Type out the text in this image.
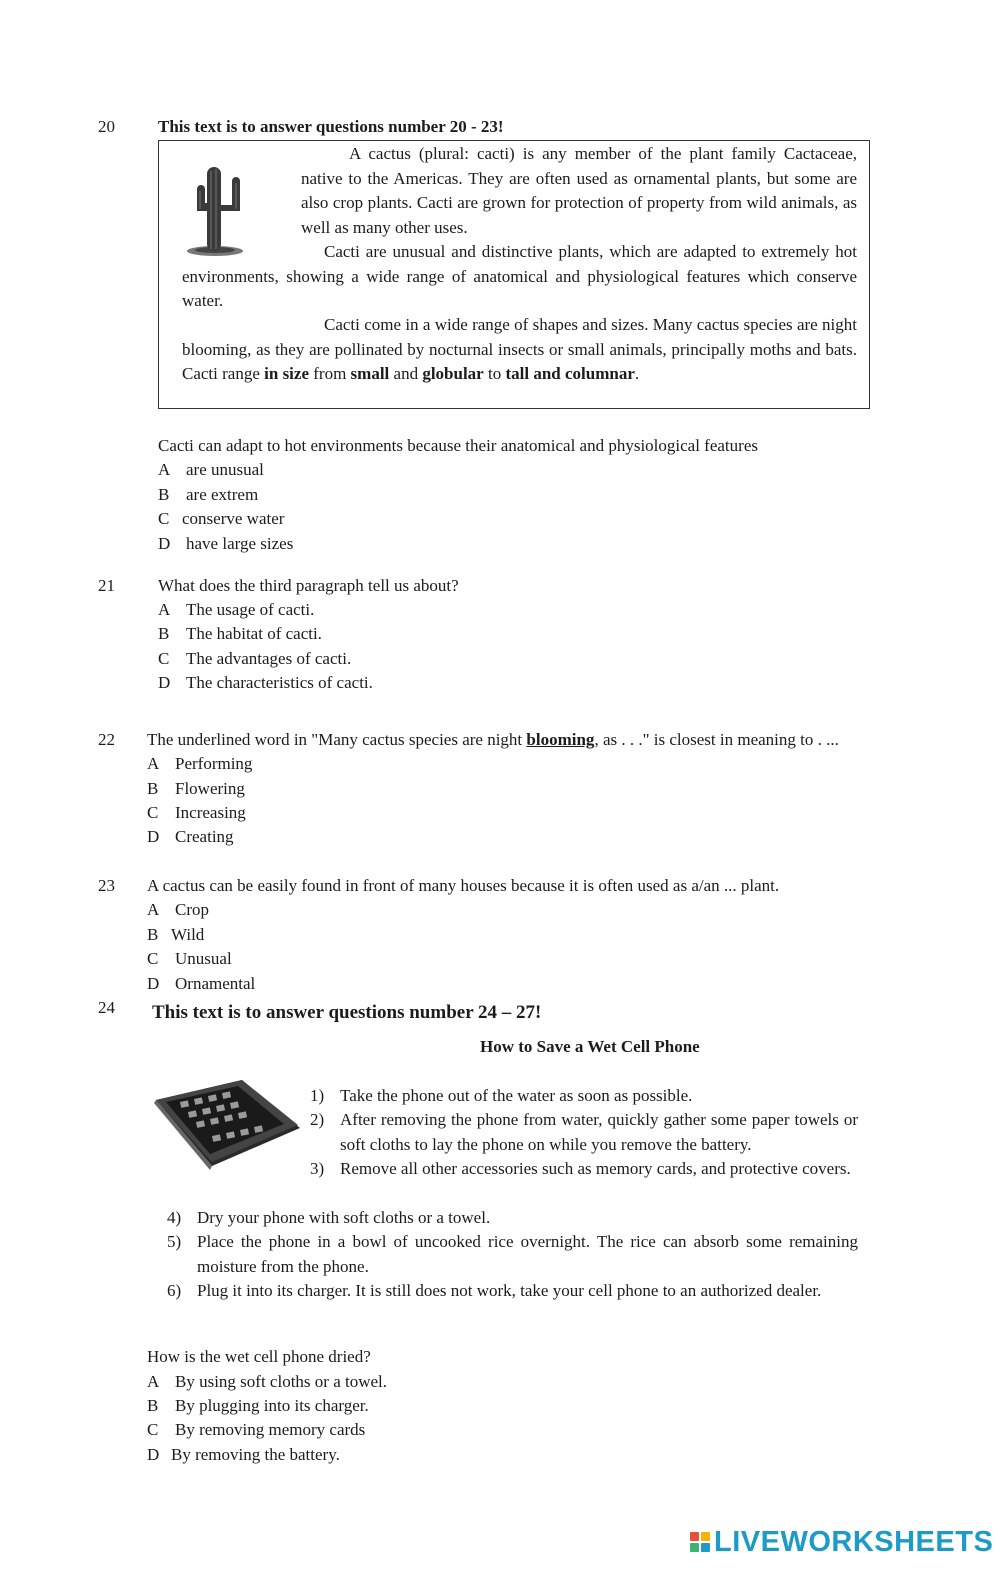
20	This text is to answer questions number 20 - 23!
A cactus (plural: cacti) is any member of the plant family Cactaceae, native to the Americas. They are often used as ornamental plants, but some are also crop plants. Cacti are grown for protection of property from wild animals, as well as many other uses.
Cacti are unusual and distinctive plants, which are adapted to extremely hot environments, showing a wide range of anatomical and physiological features which conserve water.
Cacti come in a wide range of shapes and sizes. Many cactus species are night blooming, as they are pollinated by nocturnal insects or small animals, principally moths and bats. Cacti range in size from small and globular to tall and columnar.
Cacti can adapt to hot environments because their anatomical and physiological features
A are unusual
B are extrem
C conserve water
D have large sizes
21	What does the third paragraph tell us about?
A The usage of cacti.
B The habitat of cacti.
C The advantages of cacti.
D The characteristics of cacti.
22 The underlined word in "Many cactus species are night blooming, as . . ." is closest in meaning to . ...
A Performing
B Flowering
C Increasing
D Creating
23 A cactus can be easily found in front of many houses because it is often used as a/an ... plant.
A Crop
B Wild
C Unusual
D Ornamental
24 This text is to answer questions number 24 – 27!
How to Save a Wet Cell Phone
1) Take the phone out of the water as soon as possible.
2) After removing the phone from water, quickly gather some paper towels or soft cloths to lay the phone on while you remove the battery.
3) Remove all other accessories such as memory cards, and protective covers.
4) Dry your phone with soft cloths or a towel.
5) Place the phone in a bowl of uncooked rice overnight. The rice can absorb some remaining moisture from the phone.
6) Plug it into its charger. It is still does not work, take your cell phone to an authorized dealer.
How is the wet cell phone dried?
A By using soft cloths or a towel.
B By plugging into its charger.
C By removing memory cards
D By removing the battery.
LIVEWORKSHEETS
